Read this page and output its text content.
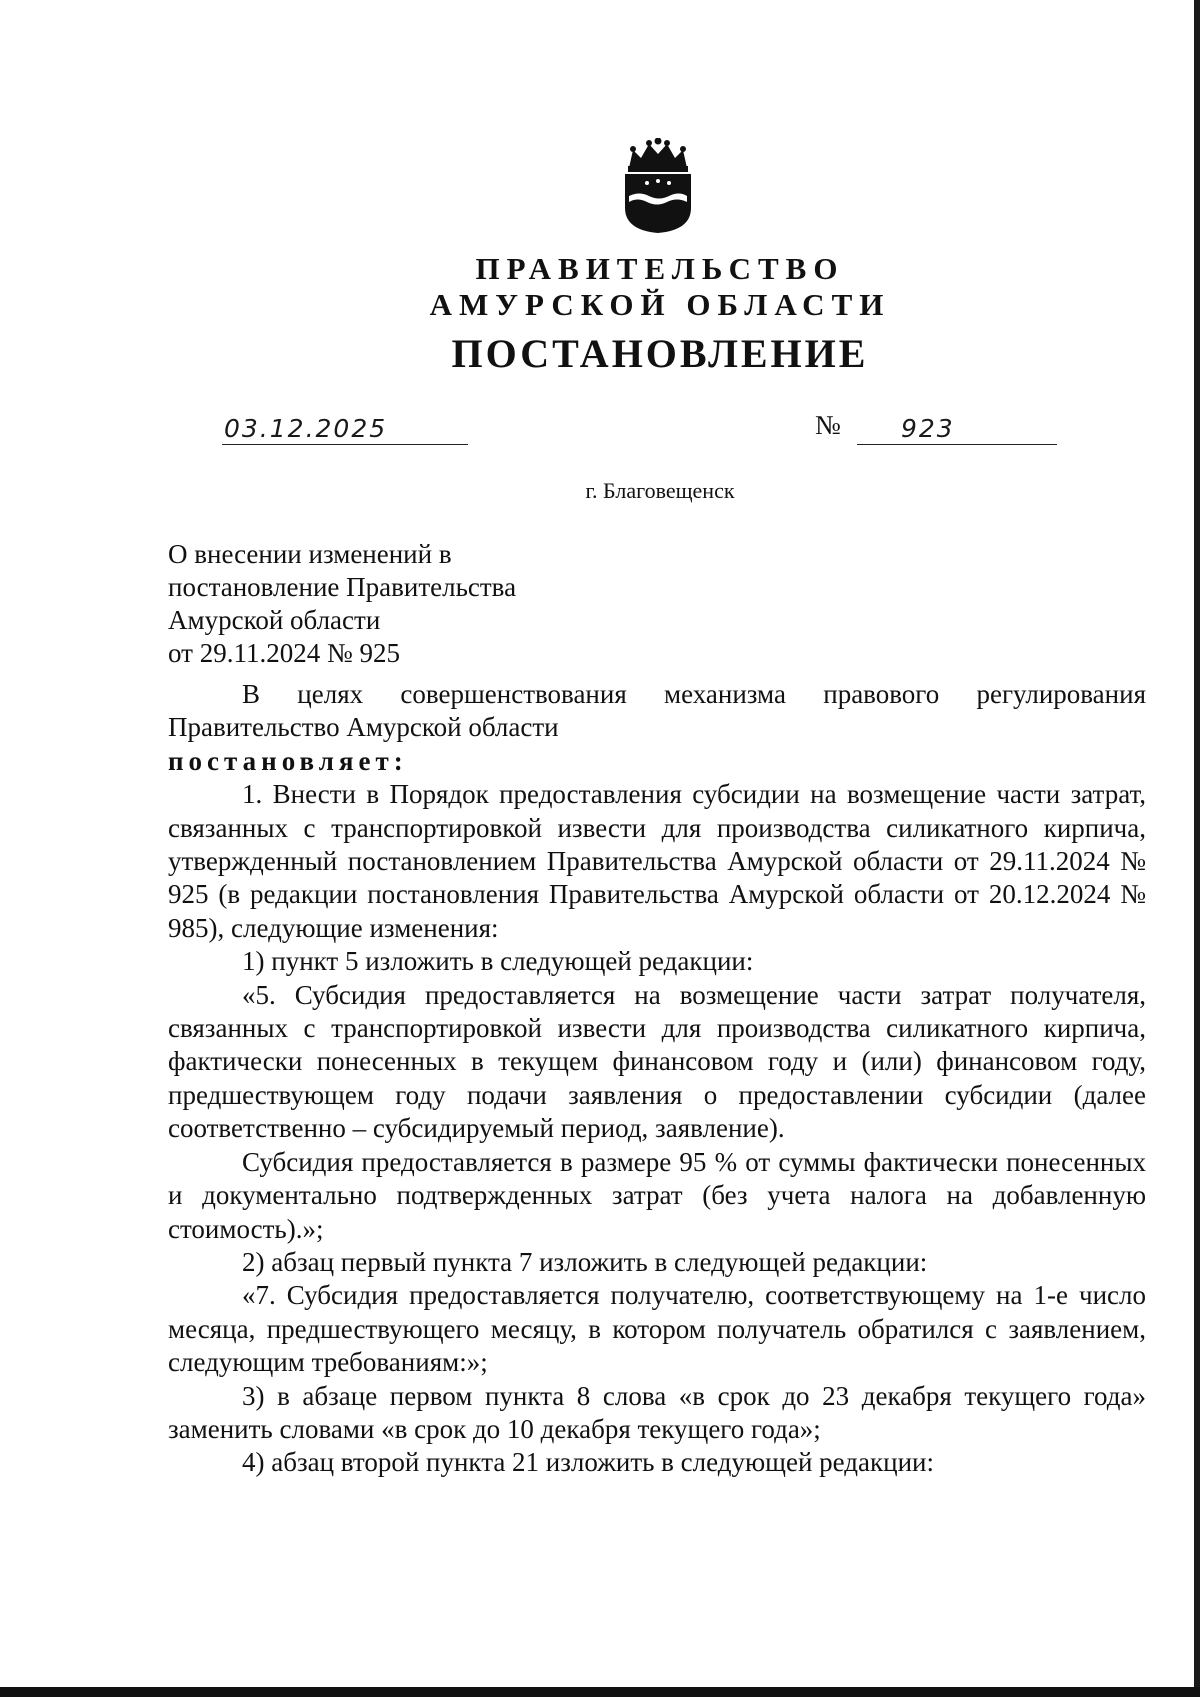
ПРАВИТЕЛЬСТВО
АМУРСКОЙ ОБЛАСТИ
ПОСТАНОВЛЕНИЕ
03.12.2025	№ 923
г. Благовещенск
О внесении изменений в
постановление Правительства
Амурской области
от 29.11.2024 № 925

В целях совершенствования механизма правового регулирования

Правительство Амурской области

постановляет:

1. Внести в Порядок предоставления субсидии на возмещение части затрат, связанных с транспортировкой извести для производства силикатного кирпича, утвержденный постановлением Правительства Амурской области от 29.11.2024 № 925 (в редакции постановления Правительства Амурской области от 20.12.2024 № 985), следующие изменения:

1) пункт 5 изложить в следующей редакции:

«5. Субсидия предоставляется на возмещение части затрат получателя, связанных с транспортировкой извести для производства силикатного кирпича, фактически понесенных в текущем финансовом году и (или) финансовом году, предшествующем году подачи заявления о предоставлении субсидии (далее соответственно – субсидируемый период, заявление).

Субсидия предоставляется в размере 95 % от суммы фактически понесенных и документально подтвержденных затрат (без учета налога на добавленную стоимость).»;

2) абзац первый пункта 7 изложить в следующей редакции:

«7. Субсидия предоставляется получателю, соответствующему на 1-е число месяца, предшествующего месяцу, в котором получатель обратился с заявлением, следующим требованиям:»;

3) в абзаце первом пункта 8 слова «в срок до 23 декабря текущего года» заменить словами «в срок до 10 декабря текущего года»;

4) абзац второй пункта 21 изложить в следующей редакции:
